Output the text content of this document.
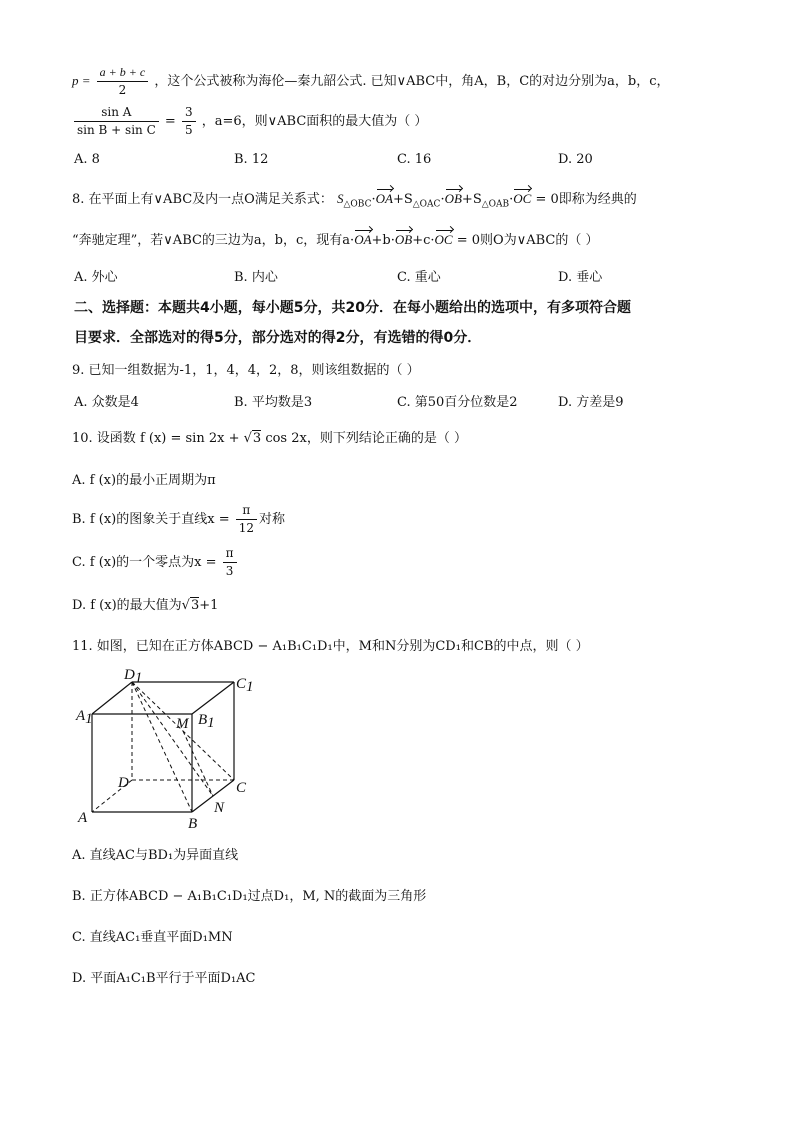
$p = \frac{a + b + c}{2}$ ，这个公式被称为海伦—秦九韶公式. 已知∨ABC中，角A，B，C的对边分别为a，b，c，
$\frac{\text{sin A}}{\text{sin B + sin C}} = \frac{3}{5}$ ，a=6，则∨ABC面积的最大值为（ ）
A. 8	B. 12	C. 16	D. 20
8. 在平面上有∨ABC及内一点O满足关系式： $S_{\triangle OBC}\cdot OA+S_{\triangle OAC}\cdot OB+S_{\triangle OAB}\cdot OC = 0$即称为经典的
“奔驰定理”，若∨ABC的三边为a，b，c，现有a·OA+b·OB+c·OC = 0则O为∨ABC的（ ）
A. 外心	B. 内心	C. 重心	D. 垂心
二、选择题：本题共4小题，每小题5分，共20分．在每小题给出的选项中，有多项符合题
目要求．全部选对的得5分，部分选对的得2分，有选错的得0分．
9. 已知一组数据为-1，1，4，4，2，8，则该组数据的（ ）
A. 众数是4	B. 平均数是3	C. 第50百分位数是2	D. 方差是9
10. 设函数 f (x) = sin 2x + √3 cos 2x，则下列结论正确的是（ ）
A. f (x)的最小正周期为π
B. f (x)的图象关于直线$x = \frac{\pi}{12}$ 对称
C. f (x)的一个零点为$x = \frac{\pi}{3}$
D. f (x)的最大值为√3+1
11. 如图，已知在正方体ABCD − A₁B₁C₁D₁中，M和N分别为CD₁和CB的中点，则（ ）
D1	C1
A1	B1
M
D	C
A	B
N
A. 直线AC与BD₁为异面直线
B. 正方体ABCD − A₁B₁C₁D₁过点D₁，M, N的截面为三角形
C. 直线AC₁垂直平面D₁MN
D. 平面A₁C₁B平行于平面D₁AC
